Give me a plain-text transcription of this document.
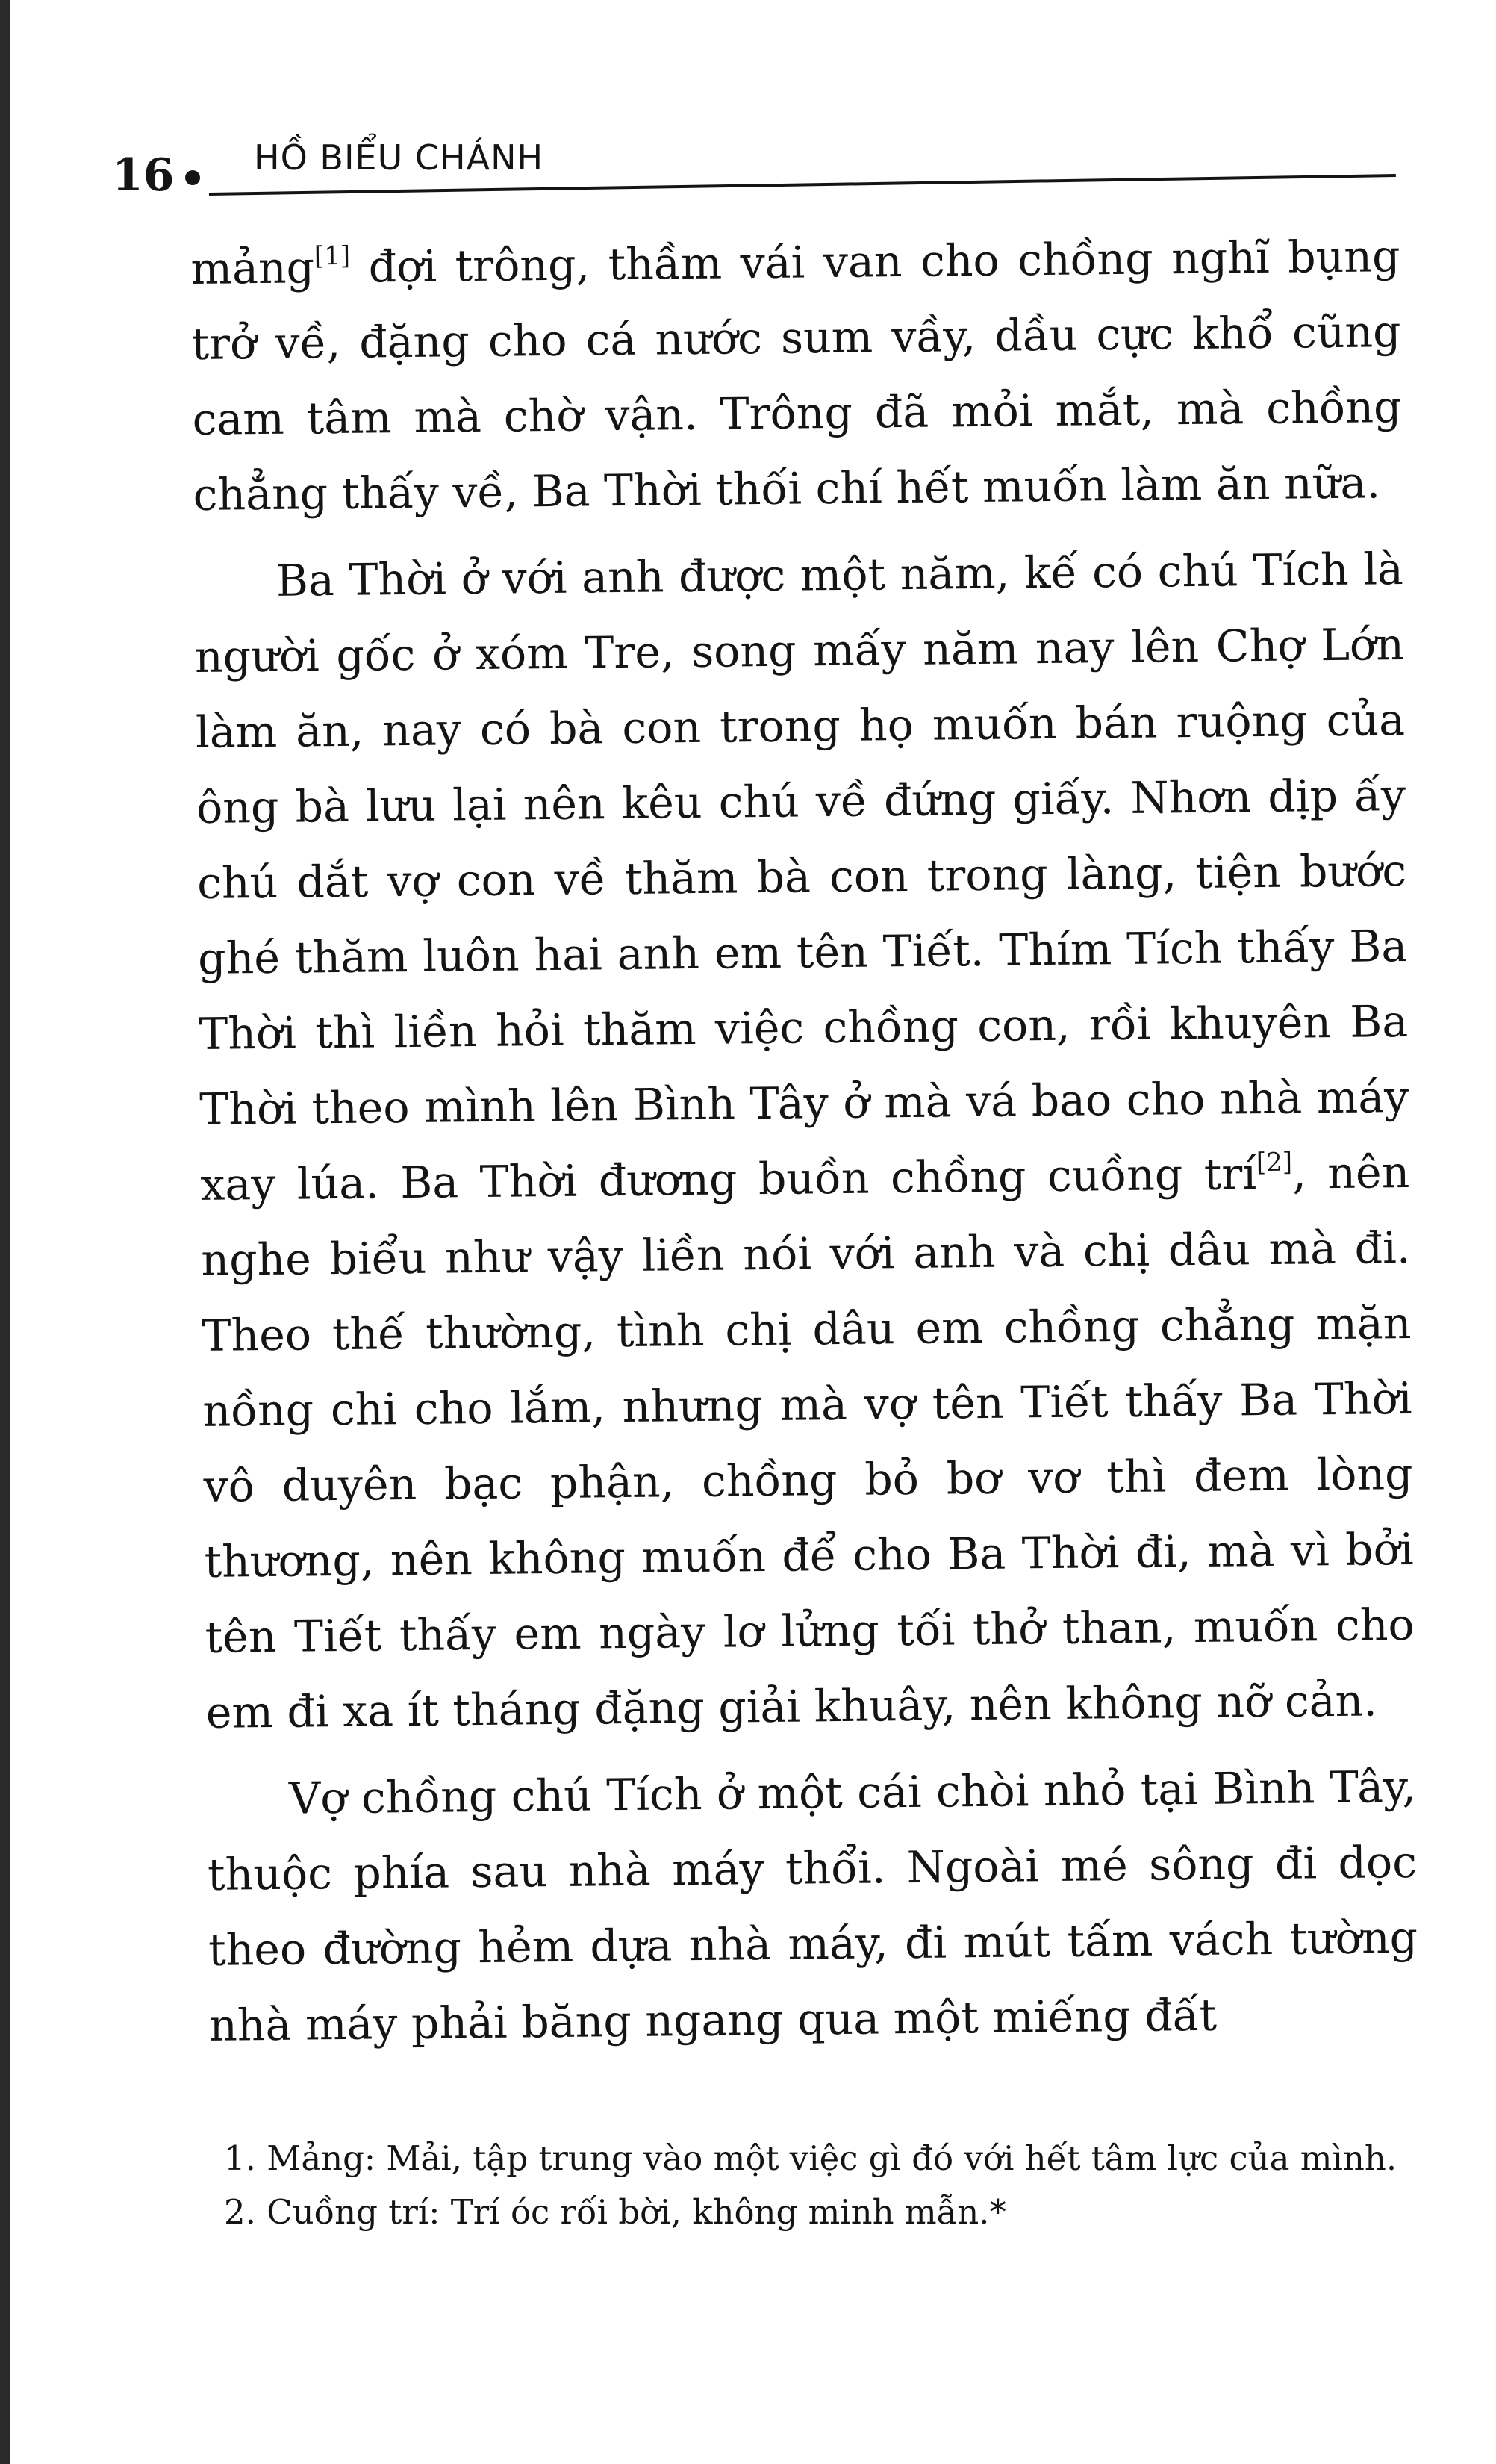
16 HỒ BIỂU CHÁNH

mảng[1] đợi trông, thầm vái van cho chồng nghĩ bụng trở về, đặng cho cá nước sum vầy, dầu cực khổ cũng cam tâm mà chờ vận. Trông đã mỏi mắt, mà chồng chẳng thấy về, Ba Thời thối chí hết muốn làm ăn nữa.

Ba Thời ở với anh được một năm, kế có chú Tích là người gốc ở xóm Tre, song mấy năm nay lên Chợ Lớn làm ăn, nay có bà con trong họ muốn bán ruộng của ông bà lưu lại nên kêu chú về đứng giấy. Nhơn dịp ấy chú dắt vợ con về thăm bà con trong làng, tiện bước ghé thăm luôn hai anh em tên Tiết. Thím Tích thấy Ba Thời thì liền hỏi thăm việc chồng con, rồi khuyên Ba Thời theo mình lên Bình Tây ở mà vá bao cho nhà máy xay lúa. Ba Thời đương buồn chồng cuồng trí[2], nên nghe biểu như vậy liền nói với anh và chị dâu mà đi. Theo thế thường, tình chị dâu em chồng chẳng mặn nồng chi cho lắm, nhưng mà vợ tên Tiết thấy Ba Thời vô duyên bạc phận, chồng bỏ bơ vơ thì đem lòng thương, nên không muốn để cho Ba Thời đi, mà vì bởi tên Tiết thấy em ngày lơ lửng tối thở than, muốn cho em đi xa ít tháng đặng giải khuây, nên không nỡ cản.

Vợ chồng chú Tích ở một cái chòi nhỏ tại Bình Tây, thuộc phía sau nhà máy thổi. Ngoài mé sông đi dọc theo đường hẻm dựa nhà máy, đi mút tấm vách tường nhà máy phải băng ngang qua một miếng đất

1. Mảng: Mải, tập trung vào một việc gì đó với hết tâm lực của mình.

2. Cuồng trí: Trí óc rối bời, không minh mẫn.*
